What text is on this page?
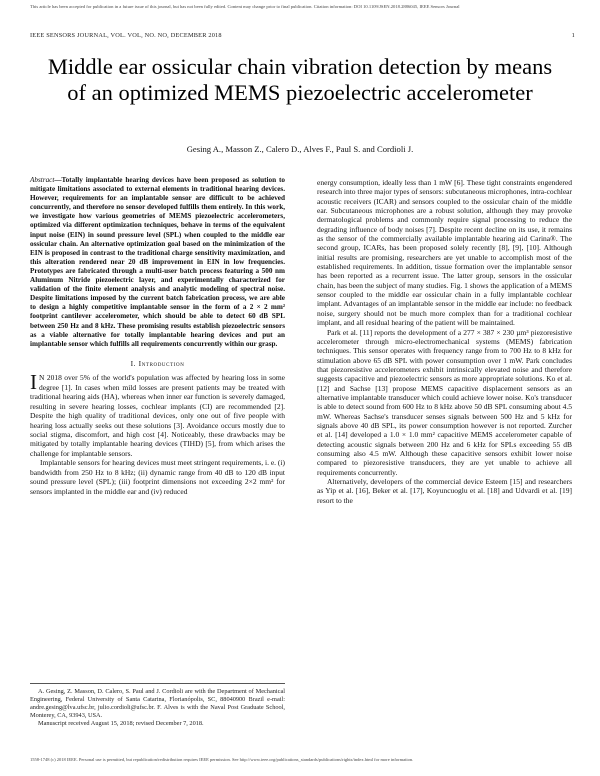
This article has been accepted for publication in a future issue of this journal, but has not been fully edited. Content may change prior to final publication. Citation information: DOI 10.1109/JSEN.2018.2886045, IEEE Sensors Journal
IEEE SENSORS JOURNAL, VOL. VOL, NO. NO, DECEMBER 2018	1
Middle ear ossicular chain vibration detection by means of an optimized MEMS piezoelectric accelerometer
Gesing A., Masson Z., Calero D., Alves F., Paul S. and Cordioli J.

Abstract—Totally implantable hearing devices have been proposed as solution to mitigate limitations associated to external elements in traditional hearing devices. However, requirements for an implantable sensor are difficult to be achieved concurrently, and therefore no sensor developed fulfills them entirely. In this work, we investigate how various geometries of MEMS piezoelectric accelerometers, optimized via different optimization techniques, behave in terms of the equivalent input noise (EIN) in sound pressure level (SPL) when coupled to the middle ear ossicular chain. An alternative optimization goal based on the minimization of the EIN is proposed in contrast to the traditional charge sensitivity maximization, and this alteration rendered near 20 dB improvement in EIN in low frequencies. Prototypes are fabricated through a multi-user batch process featuring a 500 nm Aluminum Nitride piezoelectric layer, and experimentally characterized for validation of the finite element analysis and analytic modeling of spectral noise. Despite limitations imposed by the current batch fabrication process, we are able to design a highly competitive implantable sensor in the form of a 2 × 2 mm² footprint cantilever accelerometer, which should be able to detect 60 dB SPL between 250 Hz and 8 kHz. These promising results establish piezoelectric sensors as a viable alternative for totally implantable hearing devices and put an implantable sensor which fulfills all requirements concurrently within our grasp.

I. Introduction

I N 2018 over 5% of the world's population was affected by hearing loss in some degree [1]. In cases when mild losses are present patients may be treated with traditional hearing aids (HA), whereas when inner ear function is severely damaged, resulting in severe hearing losses, cochlear implants (CI) are recommended [2]. Despite the high quality of traditional devices, only one out of five people with hearing loss actually seeks out these solutions [3]. Avoidance occurs mostly due to social stigma, discomfort, and high cost [4]. Noticeably, these drawbacks may be mitigated by totally implantable hearing devices (TIHD) [5], from which arises the challenge for implantable sensors.

Implantable sensors for hearing devices must meet stringent requirements, i. e. (i) bandwidth from 250 Hz to 8 kHz; (ii) dynamic range from 40 dB to 120 dB input sound pressure level (SPL); (iii) footprint dimensions not exceeding 2×2 mm² for sensors implanted in the middle ear and (iv) reduced

A. Gesing, Z. Masson, D. Calero, S. Paul and J. Cordioli are with the Department of Mechanical Engineering, Federal University of Santa Catarina, Florianópolis, SC, 88040900 Brazil e-mail: andre.gesing@lva.ufsc.br, julio.cordioli@ufsc.br. F. Alves is with the Naval Post Graduate School, Monterey, CA, 93943, USA.

Manuscript received August 15, 2018; revised December 7, 2018.

energy consumption, ideally less than 1 mW [6]. These tight constraints engendered research into three major types of sensors: subcutaneous microphones, intra-cochlear acoustic receivers (ICAR) and sensors coupled to the ossicular chain of the middle ear. Subcutaneous microphones are a robust solution, although they may provoke dermatological problems and commonly require signal processing to reduce the degrading influence of body noises [7]. Despite recent decline on its use, it remains as the sensor of the commercially available implantable hearing aid Carina®. The second group, ICARs, has been proposed solely recently [8], [9], [10]. Although initial results are promising, researchers are yet unable to accomplish most of the established requirements. In addition, tissue formation over the implantable sensor has been reported as a recurrent issue. The latter group, sensors in the ossicular chain, has been the subject of many studies. Fig. 1 shows the application of a MEMS sensor coupled to the middle ear ossicular chain in a fully implantable cochlear implant. Advantages of an implantable sensor in the middle ear include: no feedback noise, surgery should not be much more complex than for a traditional cochlear implant, and all residual hearing of the patient will be maintained.

Park et al. [11] reports the development of a 277 × 387 × 230 µm³ piezoresistive accelerometer through micro-electromechanical systems (MEMS) fabrication techniques. This sensor operates with frequency range from to 700 Hz to 8 kHz for stimulation above 65 dB SPL with power consumption over 1 mW. Park concludes that piezoresistive accelerometers exhibit intrinsically elevated noise and therefore suggests capacitive and piezoelectric sensors as more appropriate solutions. Ko et al. [12] and Sachse [13] propose MEMS capacitive displacement sensors as an alternative implantable transducer which could achieve lower noise. Ko's transducer is able to detect sound from 600 Hz to 8 kHz above 50 dB SPL consuming about 4.5 mW. Whereas Sachse's transducer senses signals between 500 Hz and 5 kHz for signals above 40 dB SPL, its power consumption however is not reported. Zurcher et al. [14] developed a 1.0 × 1.0 mm² capacitive MEMS accelerometer capable of detecting acoustic signals between 200 Hz and 6 kHz for SPLs exceeding 55 dB consuming also 4.5 mW. Although these capacitive sensors exhibit lower noise compared to piezoresistive transducers, they are yet unable to achieve all requirements concurrently.

Alternatively, developers of the commercial device Esteem [15] and researchers as Yip et al. [16], Beker et al. [17], Koyuncuoglu et al. [18] and Udvardi et al. [19] resort to the

1558-1748 (c) 2018 IEEE. Personal use is permitted, but republication/redistribution requires IEEE permission. See http://www.ieee.org/publications_standards/publications/rights/index.html for more information.
